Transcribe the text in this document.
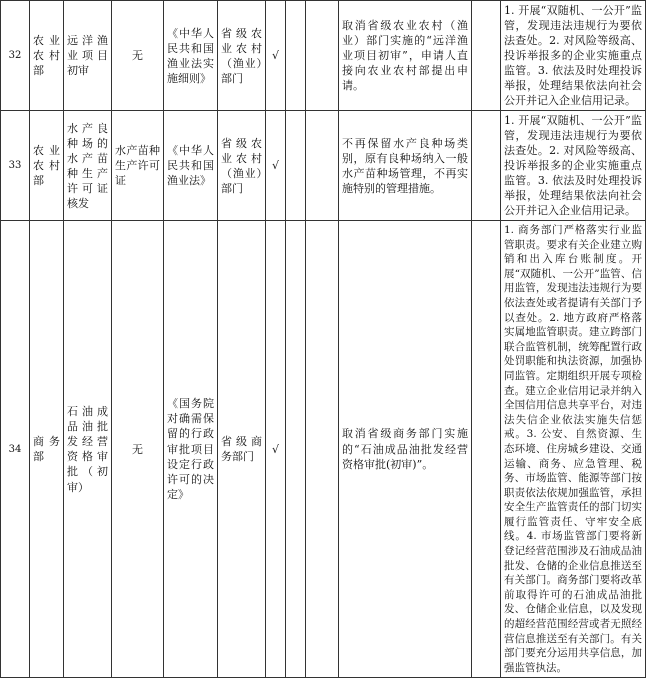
32	农业农村部	远洋渔业项目初审	无	《中华人民共和国渔业法实施细则》	省级农业农村（渔业）部门	√			取消省级农业农村（渔业）部门实施的“远洋渔业项目初审”，申请人直接向农业农村部提出申请。		1. 开展“双随机、一公开”监管，发现违法违规行为要依法查处。2. 对风险等级高、投诉举报多的企业实施重点监管。3. 依法及时处理投诉举报，处理结果依法向社会公开并记入企业信用记录。
33	农业农村部	水产良种场的水产苗种生产许可证核发	水产苗种生产许可证	《中华人民共和国渔业法》	省级农业农村（渔业）部门	√			不再保留水产良种场类别，原有良种场纳入一般水产苗种场管理，不再实施特别的管理措施。		1. 开展“双随机、一公开”监管，发现违法违规行为要依法查处。2. 对风险等级高、投诉举报多的企业实施重点监管。3. 依法及时处理投诉举报，处理结果依法向社会公开并记入企业信用记录。
34	商务部	石油成品油批发经营资格审批（初审）	无	《国务院对确需保留的行政审批项目设定行政许可的决定》	省级商务部门	√			取消省级商务部门实施的“石油成品油批发经营资格审批(初审)”。		1. 商务部门严格落实行业监管职责。要求有关企业建立购销和出入库台账制度。开展“双随机、一公开”监管、信用监管，发现违法违规行为要依法查处或者提请有关部门予以查处。2. 地方政府严格落实属地监管职责。建立跨部门联合监管机制，统筹配置行政处罚职能和执法资源，加强协同监管。定期组织开展专项检查。建立企业信用记录并纳入全国信用信息共享平台，对违法失信企业依法实施失信惩戒。3. 公安、自然资源、生态环境、住房城乡建设、交通运输、商务、应急管理、税务、市场监管、能源等部门按职责依法依规加强监管，承担安全生产监管责任的部门切实履行监管责任、守牢安全底线。4. 市场监管部门要将新登记经营范围涉及石油成品油批发、仓储的企业信息推送至有关部门。商务部门要将改革前取得许可的石油成品油批发、仓储企业信息，以及发现的超经营范围经营或者无照经营信息推送至有关部门。有关部门要充分运用共享信息，加强监管执法。
